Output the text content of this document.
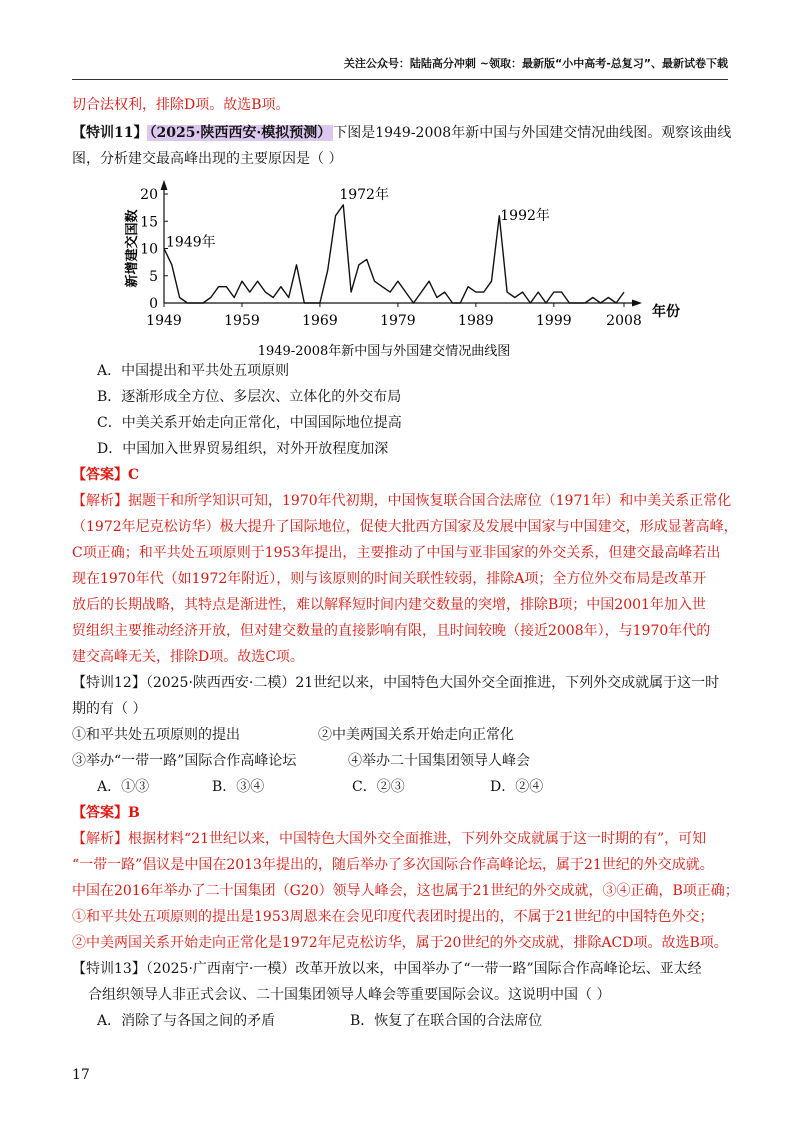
关注公众号：陆陆高分冲刺 ~领取：最新版“小中高考-总复习”、最新试卷下载
切合法权利，排除D项。故选B项。
【特训11】 （2025·陕西西安·模拟预测） 下图是1949-2008年新中国与外国建交情况曲线图。观察该曲线
图，分析建交最高峰出现的主要原因是（ ）
0
5
10
15
20
1949	1959	1969	1979	1989	1999 2008
年份
新增建交国数 1949年
1972年
1992年
1949-2008年新中国与外国建交情况曲线图
A．中国提出和平共处五项原则
B．逐渐形成全方位、多层次、立体化的外交布局
C．中美关系开始走向正常化，中国国际地位提高
D．中国加入世界贸易组织，对外开放程度加深
【答案】C
【解析】据题干和所学知识可知，1970年代初期，中国恢复联合国合法席位（1971年）和中美关系正常化
（1972年尼克松访华）极大提升了国际地位，促使大批西方国家及发展中国家与中国建交，形成显著高峰，
C项正确；和平共处五项原则于1953年提出，主要推动了中国与亚非国家的外交关系，但建交最高峰若出
现在1970年代（如1972年附近），则与该原则的时间关联性较弱，排除A项；全方位外交布局是改革开
放后的长期战略，其特点是渐进性，难以解释短时间内建交数量的突增，排除B项；中国2001年加入世
贸组织主要推动经济开放，但对建交数量的直接影响有限，且时间较晚（接近2008年），与1970年代的
建交高峰无关，排除D项。故选C项。
【特训12】（2025·陕西西安·二模）21世纪以来，中国特色大国外交全面推进，下列外交成就属于这一时
期的有（ ）
①和平共处五项原则的提出	②中美两国关系开始走向正常化
③举办“一带一路”国际合作高峰论坛	④举办二十国集团领导人峰会
A．①③	B．③④	C．②③	D．②④
【答案】B
【解析】根据材料“21世纪以来，中国特色大国外交全面推进，下列外交成就属于这一时期的有”，可知
“一带一路”倡议是中国在2013年提出的，随后举办了多次国际合作高峰论坛，属于21世纪的外交成就。
中国在2016年举办了二十国集团（G20）领导人峰会，这也属于21世纪的外交成就，③④正确，B项正确；
①和平共处五项原则的提出是1953周恩来在会见印度代表团时提出的，不属于21世纪的中国特色外交；
②中美两国关系开始走向正常化是1972年尼克松访华，属于20世纪的外交成就，排除ACD项。故选B项。
【特训13】（2025·广西南宁·一模）改革开放以来，中国举办了“一带一路”国际合作高峰论坛、亚太经
合组织领导人非正式会议、二十国集团领导人峰会等重要国际会议。这说明中国（ ）
A．消除了与各国之间的矛盾	B．恢复了在联合国的合法席位
17
